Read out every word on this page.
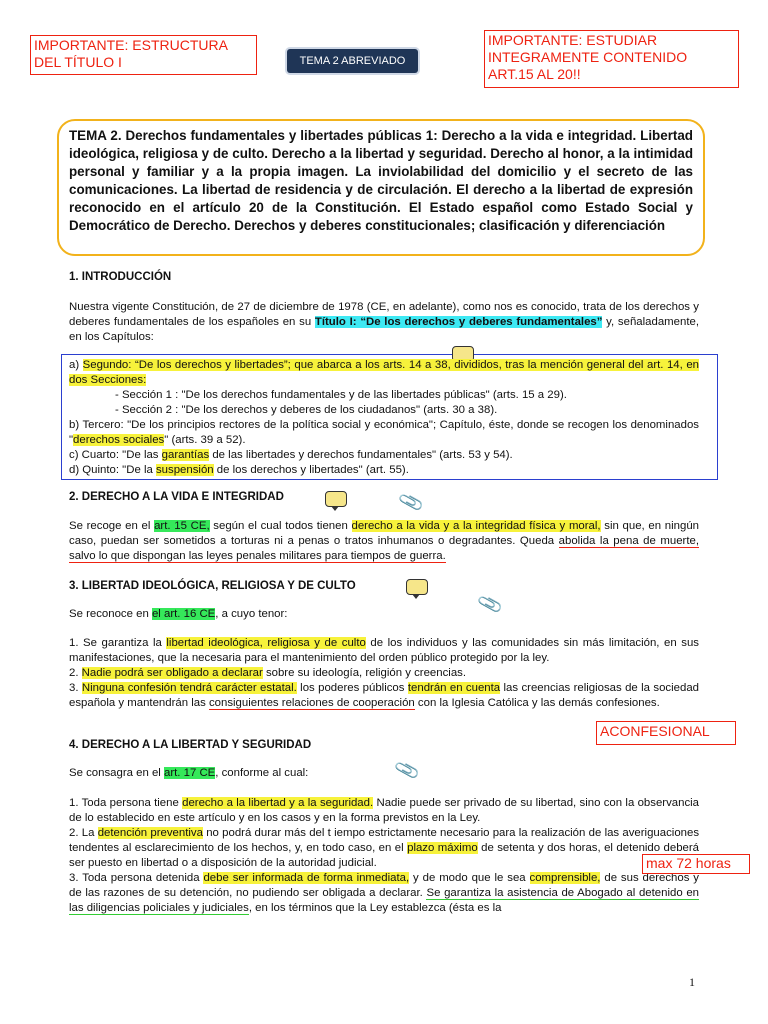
IMPORTANTE: ESTRUCTURA DEL TÍTULO I	TEMA 2 ABREVIADO
IMPORTANTE: ESTUDIAR INTEGRAMENTE CONTENIDO ART.15 AL 20!!
TEMA 2. Derechos fundamentales y libertades públicas 1: Derecho a la vida e integridad. Libertad ideológica, religiosa y de culto. Derecho a la libertad y seguridad. Derecho al honor, a la intimidad personal y familiar y a la propia imagen. La inviolabilidad del domicilio y el secreto de las comunicaciones. La libertad de residencia y de circulación. El derecho a la libertad de expresión reconocido en el artículo 20 de la Constitución. El Estado español como Estado Social y Democrático de Derecho. Derechos y deberes constitucionales; clasificación y diferenciación
1. INTRODUCCIÓN
Nuestra vigente Constitución, de 27 de diciembre de 1978 (CE, en adelante), como nos es conocido, trata de los derechos y deberes fundamentales de los españoles en su Título I: “De los derechos y deberes fundamentales” y, señaladamente, en los Capítulos:
a) Segundo: “De los derechos y libertades”; que abarca a los arts. 14 a 38, divididos, tras la mención general del art. 14, en dos Secciones:
- Sección 1 : "De los derechos fundamentales y de las libertades públicas" (arts. 15 a 29).
- Sección 2 : "De los derechos y deberes de los ciudadanos" (arts. 30 a 38).
b) Tercero: "De los principios rectores de la política social y económica"; Capítulo, éste, donde se recogen los denominados "derechos sociales" (arts. 39 a 52).
c) Cuarto: "De las garantías de las libertades y derechos fundamentales" (arts. 53 y 54).
d) Quinto: "De la suspensión de los derechos y libertades" (art. 55).
2. DERECHO A LA VIDA E INTEGRIDAD	📎
Se recoge en el art. 15 CE, según el cual todos tienen derecho a la vida y a la integridad física y moral, sin que, en ningún caso, puedan ser sometidos a torturas ni a penas o tratos inhumanos o degradantes. Queda abolida la pena de muerte, salvo lo que dispongan las leyes penales militares para tiempos de guerra.
3. LIBERTAD IDEOLÓGICA, RELIGIOSA Y DE CULTO
📎
Se reconoce en el art. 16 CE, a cuyo tenor:
1. Se garantiza la libertad ideológica, religiosa y de culto de los individuos y las comunidades sin más limitación, en sus manifestaciones, que la necesaria para el mantenimiento del orden público protegido por la ley.
2. Nadie podrá ser obligado a declarar sobre su ideología, religión y creencias.
3. Ninguna confesión tendrá carácter estatal. los poderes públicos tendrán en cuenta las creencias religiosas de la sociedad española y mantendrán las consiguientes relaciones de cooperación con la Iglesia Católica y las demás confesiones.
ACONFESIONAL
4. DERECHO A LA LIBERTAD Y SEGURIDAD
📎
Se consagra en el art. 17 CE, conforme al cual:
1. Toda persona tiene derecho a la libertad y a la seguridad. Nadie puede ser privado de su libertad, sino con la observancia de lo establecido en este artículo y en los casos y en la forma previstos en la Ley.
2. La detención preventiva no podrá durar más del t iempo estrictamente necesario para la realización de las averiguaciones tendentes al esclarecimiento de los hechos, y, en todo caso, en el plazo máximo de setenta y dos horas, el detenido deberá ser puesto en libertad o a disposición de la autoridad judicial.
3. Toda persona detenida debe ser informada de forma inmediata, y de modo que le sea comprensible, de sus derechos y de las razones de su detención, no pudiendo ser obligada a declarar. Se garantiza la asistencia de Abogado al detenido en las diligencias policiales y judiciales, en los términos que la Ley establezca (ésta es la
max 72 horas
1
